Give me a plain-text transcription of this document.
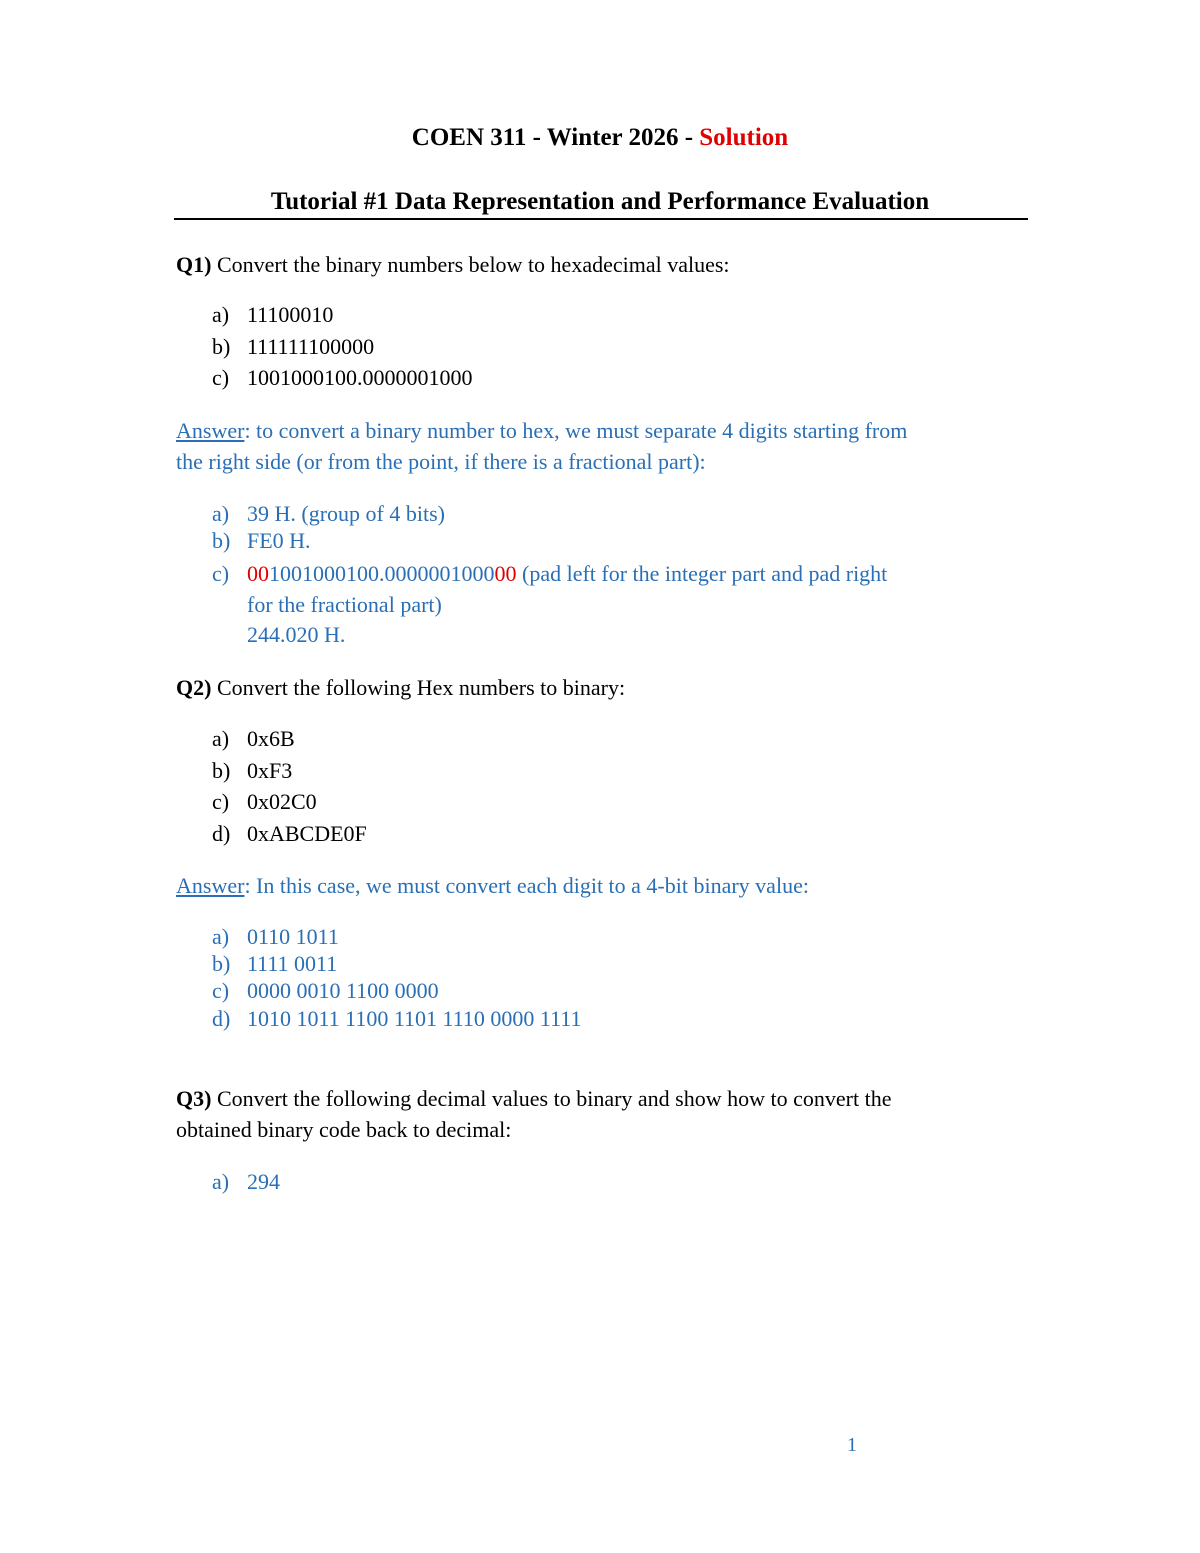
COEN 311 - Winter 2026 - Solution
Tutorial #1 Data Representation and Performance Evaluation
Q1) Convert the binary numbers below to hexadecimal values:
a) 11100010
b) 111111100000
c) 1001000100.0000001000
Answer: to convert a binary number to hex, we must separate 4 digits starting from
the right side (or from the point, if there is a fractional part):
a) 39 H. (group of 4 bits)
b) FE0 H.
c) 001001000100.000000100000 (pad left for the integer part and pad right
for the fractional part)
244.020 H.
Q2) Convert the following Hex numbers to binary:
a) 0x6B
b) 0xF3
c) 0x02C0
d) 0xABCDE0F
Answer: In this case, we must convert each digit to a 4-bit binary value:
a) 0110 1011
b) 1111 0011
c) 0000 0010 1100 0000
d) 1010 1011 1100 1101 1110 0000 1111
Q3) Convert the following decimal values to binary and show how to convert the
obtained binary code back to decimal:
a) 294
1
